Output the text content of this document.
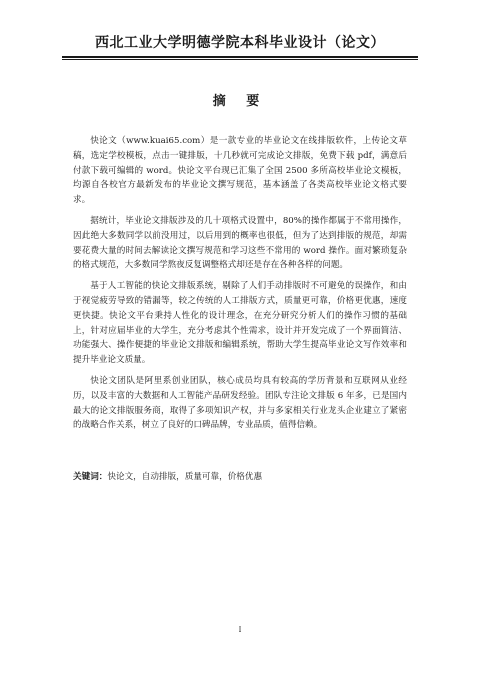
西北工业大学明德学院本科毕业设计（论文）
摘 要

快论文（www.kuai65.com）是一款专业的毕业论文在线排版软件，上传论文草稿，选定学校模板，点击一键排版，十几秒就可完成论文排版，免费下载 pdf，满意后付款下载可编辑的 word。快论文平台现已汇集了全国 2500 多所高校毕业论文模板，均源自各校官方最新发布的毕业论文撰写规范，基本涵盖了各类高校毕业论文格式要求。

据统计，毕业论文排版涉及的几十项格式设置中，80%的操作都属于不常用操作，因此绝大多数同学以前没用过，以后用到的概率也很低，但为了达到排版的规范，却需要花费大量的时间去解读论文撰写规范和学习这些不常用的 word 操作。面对繁琐复杂的格式规范，大多数同学熬夜反复调整格式却还是存在各种各样的问题。

基于人工智能的快论文排版系统，剔除了人们手动排版时不可避免的误操作，和由于视觉疲劳导致的错漏等，较之传统的人工排版方式，质量更可靠，价格更优惠，速度更快捷。快论文平台秉持人性化的设计理念，在充分研究分析人们的操作习惯的基础上，针对应届毕业的大学生，充分考虑其个性需求，设计并开发完成了一个界面简洁、功能强大、操作便捷的毕业论文排版和编辑系统，帮助大学生提高毕业论文写作效率和提升毕业论文质量。

快论文团队是阿里系创业团队，核心成员均具有较高的学历背景和互联网从业经历，以及丰富的大数据和人工智能产品研发经验。团队专注论文排版 6 年多，已是国内最大的论文排版服务商，取得了多项知识产权，并与多家相关行业龙头企业建立了紧密的战略合作关系，树立了良好的口碑品牌，专业品质，值得信赖。

关键词：快论文，自动排版，质量可靠，价格优惠
I
